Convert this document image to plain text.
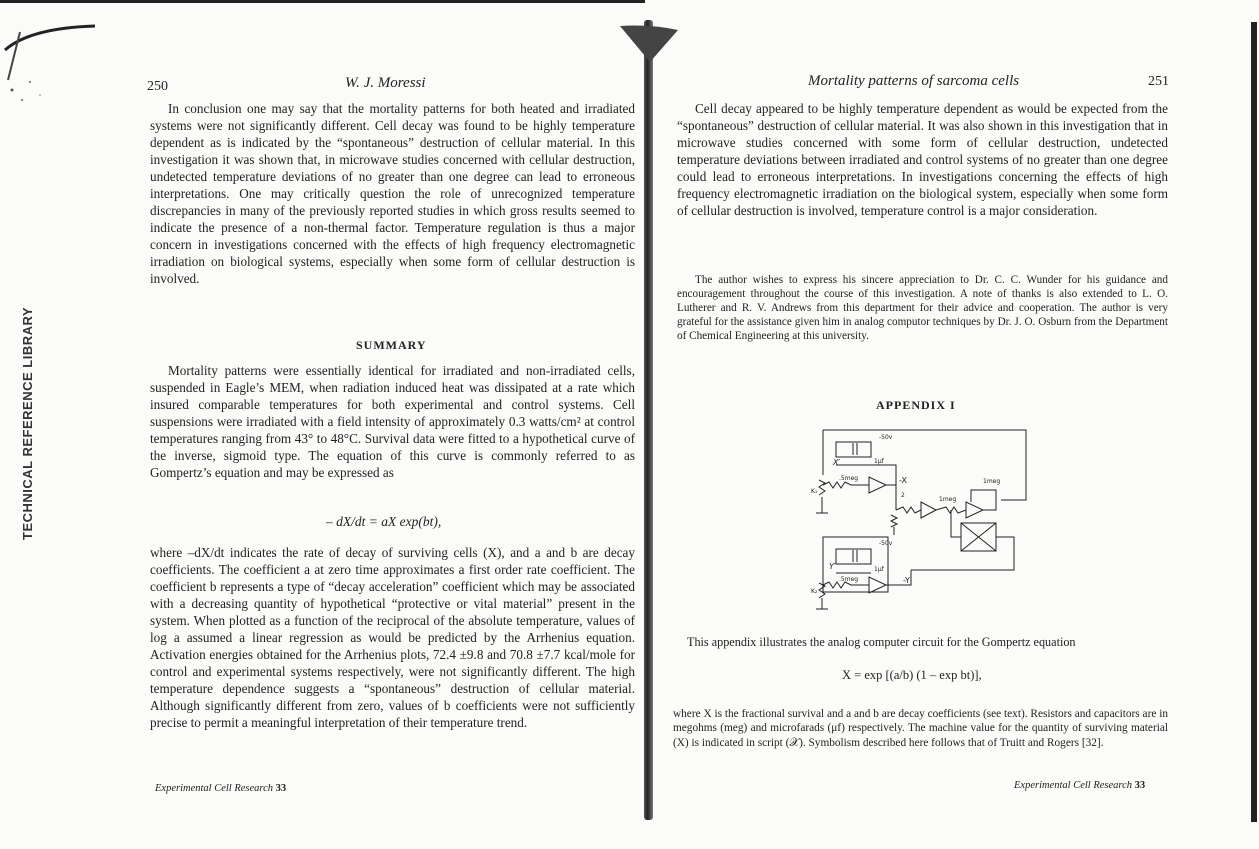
TECHNICAL REFERENCE LIBRARY
250	W. J. Moressi

In conclusion one may say that the mortality patterns for both heated and irradiated systems were not significantly different. Cell decay was found to be highly temperature dependent as is indicated by the “spontaneous” destruction of cellular material. In this investigation it was shown that, in microwave studies concerned with cellular destruction, undetected temperature deviations of no greater than one degree can lead to erroneous interpretations. One may critically question the role of unrecognized temperature discrepancies in many of the previously reported studies in which gross results seemed to indicate the presence of a non-thermal factor. Temperature regulation is thus a major concern in investigations concerned with the effects of high frequency electromagnetic irradiation on biological systems, especially when some form of cellular destruction is involved.

SUMMARY

Mortality patterns were essentially identical for irradiated and non-irradiated cells, suspended in Eagle’s MEM, when radiation induced heat was dissipated at a rate which insured comparable temperatures for both experimental and control systems. Cell suspensions were irradiated with a field intensity of approximately 0.3 watts/cm² at control temperatures ranging from 43° to 48°C. Survival data were fitted to a hypothetical curve of the inverse, sigmoid type. The equation of this curve is commonly referred to as Gompertz’s equation and may be expressed as

– dX/dt = aX exp(bt),

where –dX/dt indicates the rate of decay of surviving cells (X), and a and b are decay coefficients. The coefficient a at zero time approximates a first order rate coefficient. The coefficient b represents a type of “decay acceleration” coefficient which may be associated with a decreasing quantity of hypothetical “protective or vital material” present in the system. When plotted as a function of the reciprocal of the absolute temperature, values of log a assumed a linear regression as would be predicted by the Arrhenius equation. Activation energies obtained for the Arrhenius plots, 72.4 ±9.8 and 70.8 ±7.7 kcal/mole for control and experimental systems respectively, were not significantly different. The high temperature dependence suggests a “spontaneous” destruction of cellular material. Although significantly different from zero, values of b coefficients were not sufficiently precise to permit a meaningful interpretation of their temperature trend.

Experimental Cell Research 33
Mortality patterns of sarcoma cells	251

Cell decay appeared to be highly temperature dependent as would be expected from the “spontaneous” destruction of cellular material. It was also shown in this investigation that in microwave studies concerned with some form of cellular destruction, undetected temperature deviations between irradiated and control systems of no greater than one degree could lead to erroneous interpretations. In investigations concerning the effects of high frequency electromagnetic irradiation on the biological system, especially when some form of cellular destruction is involved, temperature control is a major consideration.

The author wishes to express his sincere appreciation to Dr. C. C. Wunder for his guidance and encouragement throughout the course of this investigation. A note of thanks is also extended to L. O. Lutherer and R. V. Andrews from this department for their advice and cooperation. The author is very grateful for the assistance given him in analog computor techniques by Dr. J. O. Osburn from the Department of Chemical Engineering at this university.

APPENDIX I
-50v
1μf
X′
.5meg	-X
2
1meg
1meg
K₁
-50v
1μf
Y′
.5meg	-Y
K₂
This appendix illustrates the analog computer circuit for the Gompertz equation
X = exp [(a/b) (1 – exp bt)],

where X is the fractional survival and a and b are decay coefficients (see text). Resistors and capacitors are in megohms (meg) and microfarads (μf) respectively. The machine value for the quantity of surviving material (X) is indicated in script (𝒳). Symbolism described here follows that of Truitt and Rogers [32].

Experimental Cell Research 33
